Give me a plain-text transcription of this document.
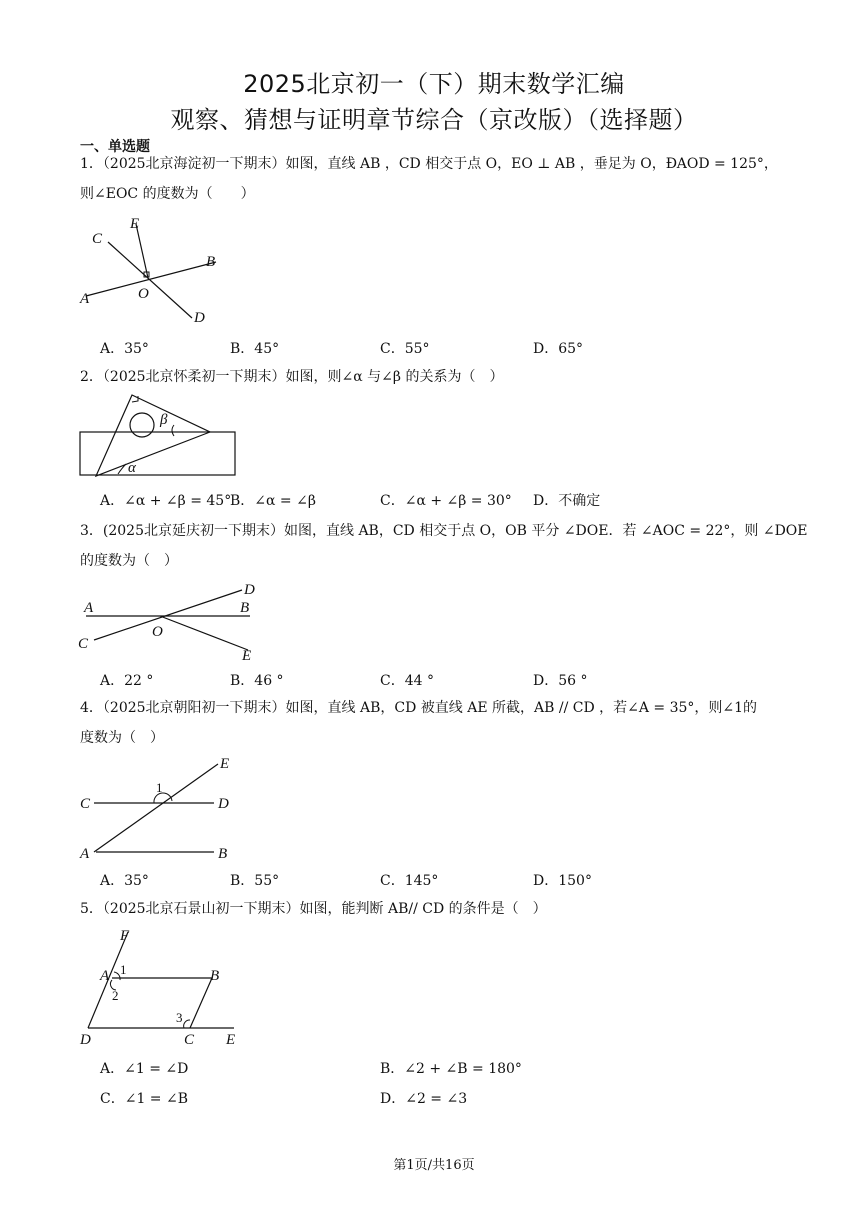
2025北京初一（下）期末数学汇编
观察、猜想与证明章节综合（京改版）（选择题）
一、单选题
1．（2025北京海淀初一下期末）如图，直线 AB ，CD 相交于点 O，EO ⊥ AB ，垂足为 O，ÐAOD = 125°，
则∠EOC 的度数为（　　）
C
E
B
A	O
D
A．35°	B．45°	C．55°	D．65°
2．（2025北京怀柔初一下期末）如图，则∠α 与∠β 的关系为（　）
β
α
A．∠α + ∠β = 45°
B．∠α = ∠β	C．∠α + ∠β = 30° D．不确定
3．(2025北京延庆初一下期末）如图，直线 AB，CD 相交于点 O，OB 平分 ∠DOE．若 ∠AOC = 22°，则 ∠DOE
的度数为（　）
D
A	B
C
O
E
A．22 °	B．46 °	C．44 °	D．56 °
4．（2025北京朝阳初一下期末）如图，直线 AB，CD 被直线 AE 所截，AB // CD ，若∠A = 35°，则∠1的
度数为（　）
E
1
C	D
A	B
A．35°	B．55°	C．145°	D．150°
5．（2025北京石景山初一下期末）如图，能判断 AB// CD 的条件是（　）
F
A 1
2
B
3
D	C E
A．∠1 = ∠D	B．∠2 + ∠B = 180°
C．∠1 = ∠B	D．∠2 = ∠3
第1页/共16页
